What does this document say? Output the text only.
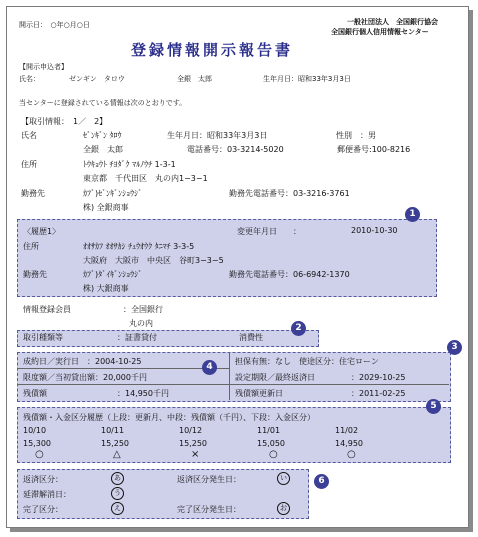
開示日：　○年○月○日	一般社団法人　全国銀行協会
全国銀行個人信用情報センター
登録情報開示報告書
【開示申込者】
氏名：	ゼンギン　タロウ	全銀　太郎	生年月日：昭和33年3月3日
当センターに登録されている情報は次のとおりです。
【取引情報：　1／　2】
氏名	ｾﾞﾝｷﾞﾝ ﾀﾛｳ	生年月日：昭和33年3月3日	性別　：男
全銀　太郎	電話番号：03-3214-5020	郵便番号:100-8216
住所	ﾄｳｷｮｳﾄ ﾁﾖﾀﾞｸ ﾏﾙﾉｳﾁ 1-3-1
東京都　千代田区　丸の内1−3−1
勤務先	ｶﾌﾞ)ｾﾞﾝｷﾞﾝｼｮｳｼﾞ	勤務先電話番号：03-3216-3761
株) 全銀商事
1
〈履歴1〉	変更年月日　　：	2010-10-30
住所	ｵｵｻｶﾌ ｵｵｻｶｼ ﾁｭｳｵｳｸ ﾀﾆﾏﾁ 3-3-5
大阪府　大阪市　中央区　谷町3−3−5
勤務先	ｶﾌﾞ)ﾀﾞｲｷﾞﾝｼｮｳｼﾞ	勤務先電話番号：06-6942-1370
株) 大銀商事
情報登録会員	：全国銀行
丸の内	2
取引種類等	：証書貸付	消費性
4
3
成約日／実行日　：2004-10-25
限度額／当初貸出額：20,000千円
残債額	：14,950千円
担保有無：なし　使途区分：住宅ローン
設定期限／最終返済日	：2029-10-25
残債額更新日	：2011-02-25
5
残債額・入金区分履歴（上段：更新月、中段：残債額（千円）、下段：入金区分）
10/10	10/11	10/12	11/01	11/02
15,300	15,250	15,250	15,050	14,950
○	△	×	○	○
6
返済区分：	あ	返済区分発生日：	い
延滞解消日：	う
完了区分：	え	完了区分発生日：	お
